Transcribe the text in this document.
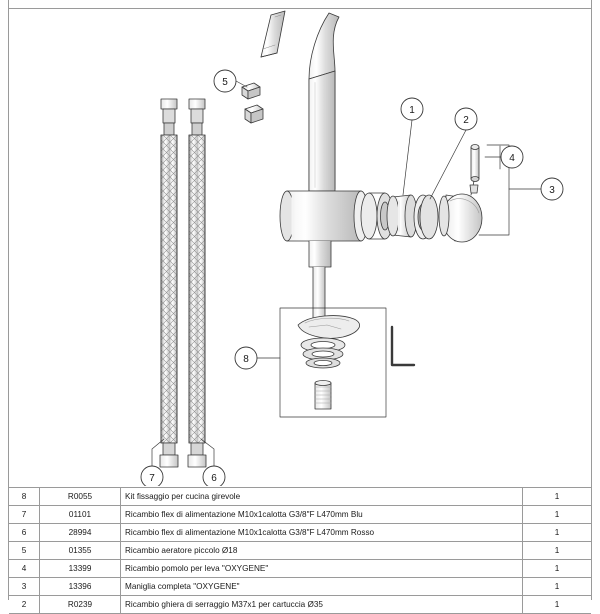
1
2
3
4
5
6
7
8
8	R0055	Kit fissaggio per cucina girevole	1
7	01101	Ricambio flex di alimentazione M10x1calotta G3/8"F L470mm Blu	1
6	28994	Ricambio flex di alimentazione M10x1calotta G3/8"F L470mm Rosso	1
5	01355	Ricambio aeratore piccolo Ø18	1
4	13399	Ricambio pomolo per leva "OXYGENE"	1
3	13396	Maniglia completa "OXYGENE"	1
2	R0239	Ricambio ghiera di serraggio M37x1 per cartuccia Ø35	1
